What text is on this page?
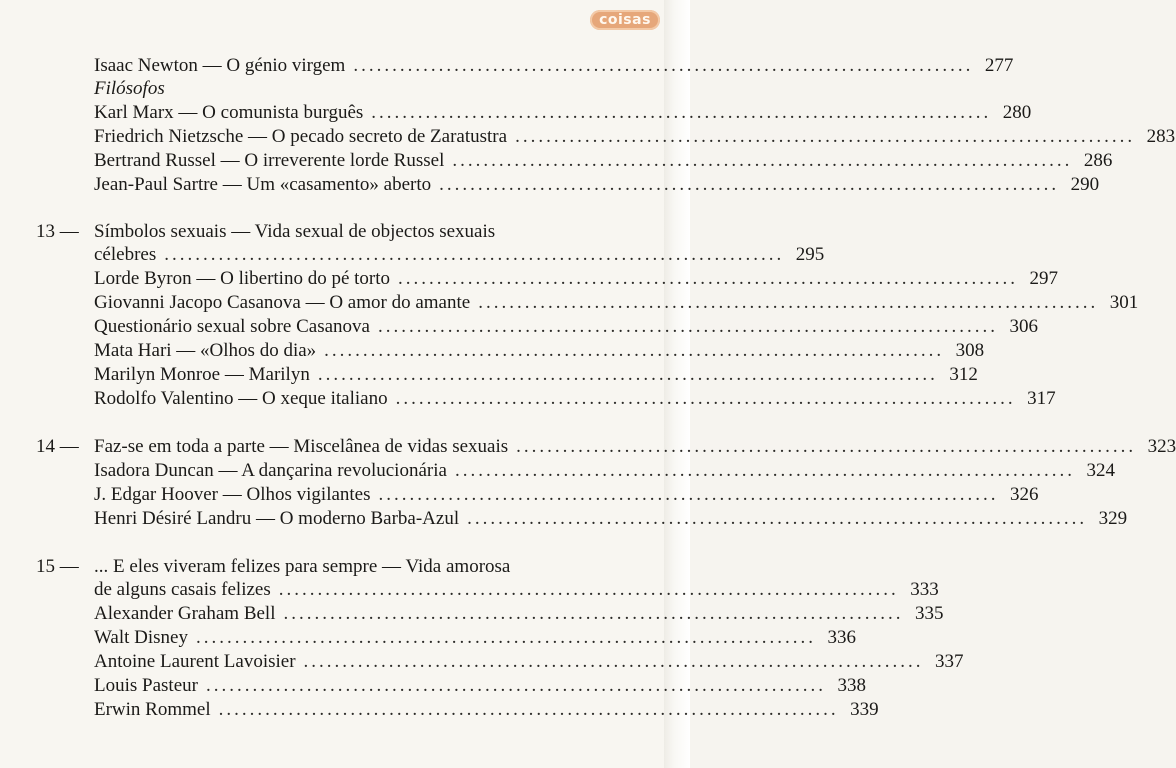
coisas
Isaac Newton — O génio virgem ................................................................................ 277
Filósofos
Karl Marx — O comunista burguês ................................................................................ 280
Friedrich Nietzsche — O pecado secreto de Zaratustra ................................................................................ 283
Bertrand Russel — O irreverente lorde Russel ................................................................................ 286
Jean-Paul Sartre — Um «casamento» aberto ................................................................................ 290
13 — Símbolos sexuais — Vida sexual de objectos sexuais
célebres ................................................................................ 295
Lorde Byron — O libertino do pé torto ................................................................................ 297
Giovanni Jacopo Casanova — O amor do amante ................................................................................ 301
Questionário sexual sobre Casanova ................................................................................ 306
Mata Hari — «Olhos do dia» ................................................................................ 308
Marilyn Monroe — Marilyn ................................................................................ 312
Rodolfo Valentino — O xeque italiano ................................................................................ 317
14 — Faz-se em toda a parte — Miscelânea de vidas sexuais ................................................................................ 323
Isadora Duncan — A dançarina revolucionária ................................................................................ 324
J. Edgar Hoover — Olhos vigilantes ................................................................................ 326
Henri Désiré Landru — O moderno Barba-Azul ................................................................................ 329
15 — ... E eles viveram felizes para sempre — Vida amorosa
de alguns casais felizes ................................................................................ 333
Alexander Graham Bell ................................................................................ 335
Walt Disney ................................................................................ 336
Antoine Laurent Lavoisier ................................................................................ 337
Louis Pasteur ................................................................................ 338
Erwin Rommel ................................................................................ 339
